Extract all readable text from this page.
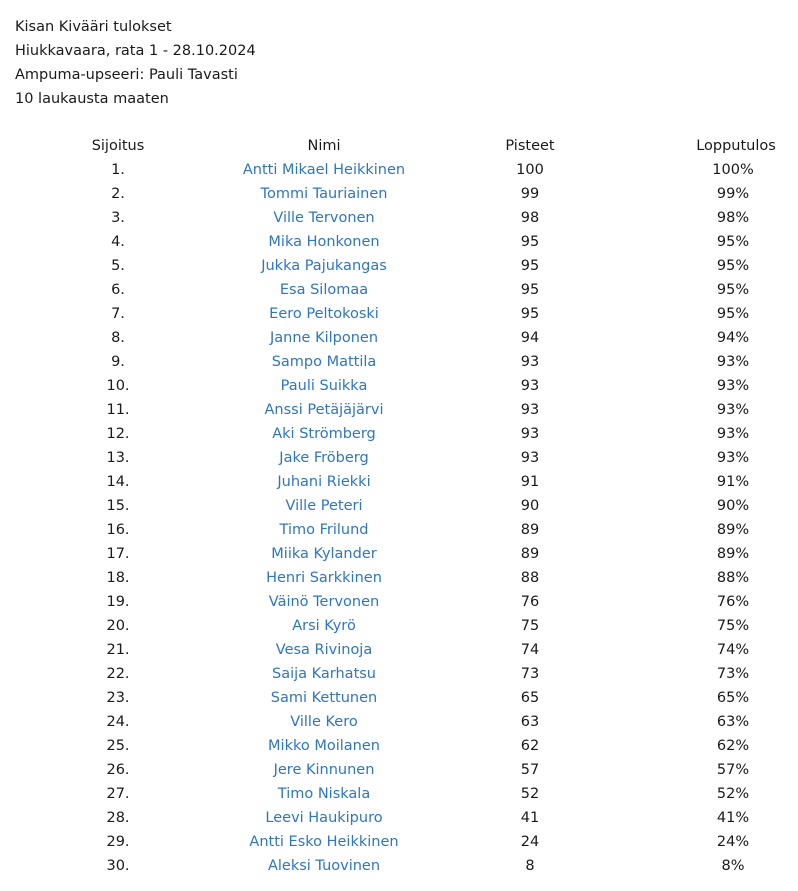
Kisan Kivääri tulokset
Hiukkavaara, rata 1 - 28.10.2024
Ampuma-upseeri: Pauli Tavasti
10 laukausta maaten
Sijoitus	Nimi	Pisteet	Lopputulos

1.	Antti Mikael Heikkinen	100	100%

2.	Tommi Tauriainen	99	99%

3.	Ville Tervonen	98	98%

4.	Mika Honkonen	95	95%

5.	Jukka Pajukangas	95	95%

6.	Esa Silomaa	95	95%

7.	Eero Peltokoski	95	95%

8.	Janne Kilponen	94	94%

9.	Sampo Mattila	93	93%

10.	Pauli Suikka	93	93%

11.	Anssi Petäjäjärvi	93	93%

12.	Aki Strömberg	93	93%

13.	Jake Fröberg	93	93%

14.	Juhani Riekki	91	91%

15.	Ville Peteri	90	90%

16.	Timo Frilund	89	89%

17.	Miika Kylander	89	89%

18.	Henri Sarkkinen	88	88%

19.	Väinö Tervonen	76	76%

20.	Arsi Kyrö	75	75%

21.	Vesa Rivinoja	74	74%

22.	Saija Karhatsu	73	73%

23.	Sami Kettunen	65	65%

24.	Ville Kero	63	63%

25.	Mikko Moilanen	62	62%

26.	Jere Kinnunen	57	57%

27.	Timo Niskala	52	52%

28.	Leevi Haukipuro	41	41%

29.	Antti Esko Heikkinen	24	24%

30.	Aleksi Tuovinen	8	8%
